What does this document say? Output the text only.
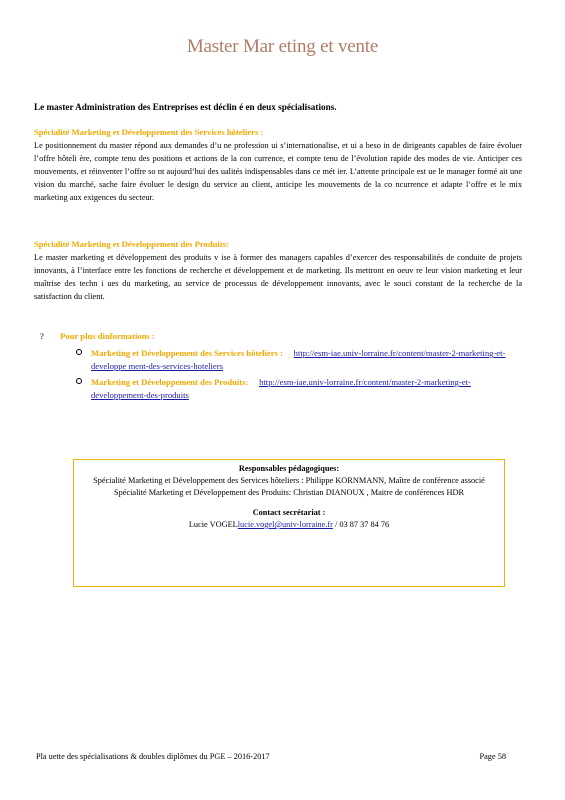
Master Mar eting et vente
Le master Administration des Entreprises est déclin é en deux spécialisations.

Spécialité Marketing et Développement des Services hôteliers :

Le positionnement du master répond aux demandes d’u ne profession ui s’internationalise, et ui a beso in de dirigeants capables de faire évoluer l’offre hôteli ère, compte tenu des positions et actions de la con currence, et compte tenu de l’évolution rapide des modes de vie. Anticiper ces mouvements, et réinventer l’offre so nt aujourd’hui des ualités indispensables dans ce mét ier. L’attente principale est ue le manager formé ait une vision du marché, sache faire évoluer le design du service au client, anticipe les mouvements de la co ncurrence et adapte l’offre et le mix marketing aux exigences du secteur.

Spécialité Marketing et Développement des Produits:

Le master marketing et développement des produits v ise à former des managers capables d’exercer des responsabilités de conduite de projets innovants, à l’interface entre les fonctions de recherche et développement et de marketing. Ils mettront en oeuv re leur vision marketing et leur maîtrise des techn i ues du marketing, au service de processus de développement innovants, avec le souci constant de la recherche de la satisfaction du client.

? Pour plus dinformations :

Marketing et Développement des Services hôteliers : http://esm-iae.univ-lorraine.fr/content/master-2-marketing-et-developpe ment-des-services-hoteliers

Marketing et Développement des Produits: http://esm-iae.univ-lorraine.fr/content/master-2-marketing-et-developpement-des-produits

Responsables pédagogiques:

Spécialité Marketing et Développement des Services hôteliers : Philippe KORNMANN, Maître de conférence associé

Spécialité Marketing et Développement des Produits: Christian DIANOUX , Maitre de conférences HDR

Contact secrétariat :

Lucie VOGELlucie.vogel@univ-lorraine.fr / 03 87 37 84 76

Pla uette des spécialisations & doubles diplômes du PGE – 2016-2017	Page 58
